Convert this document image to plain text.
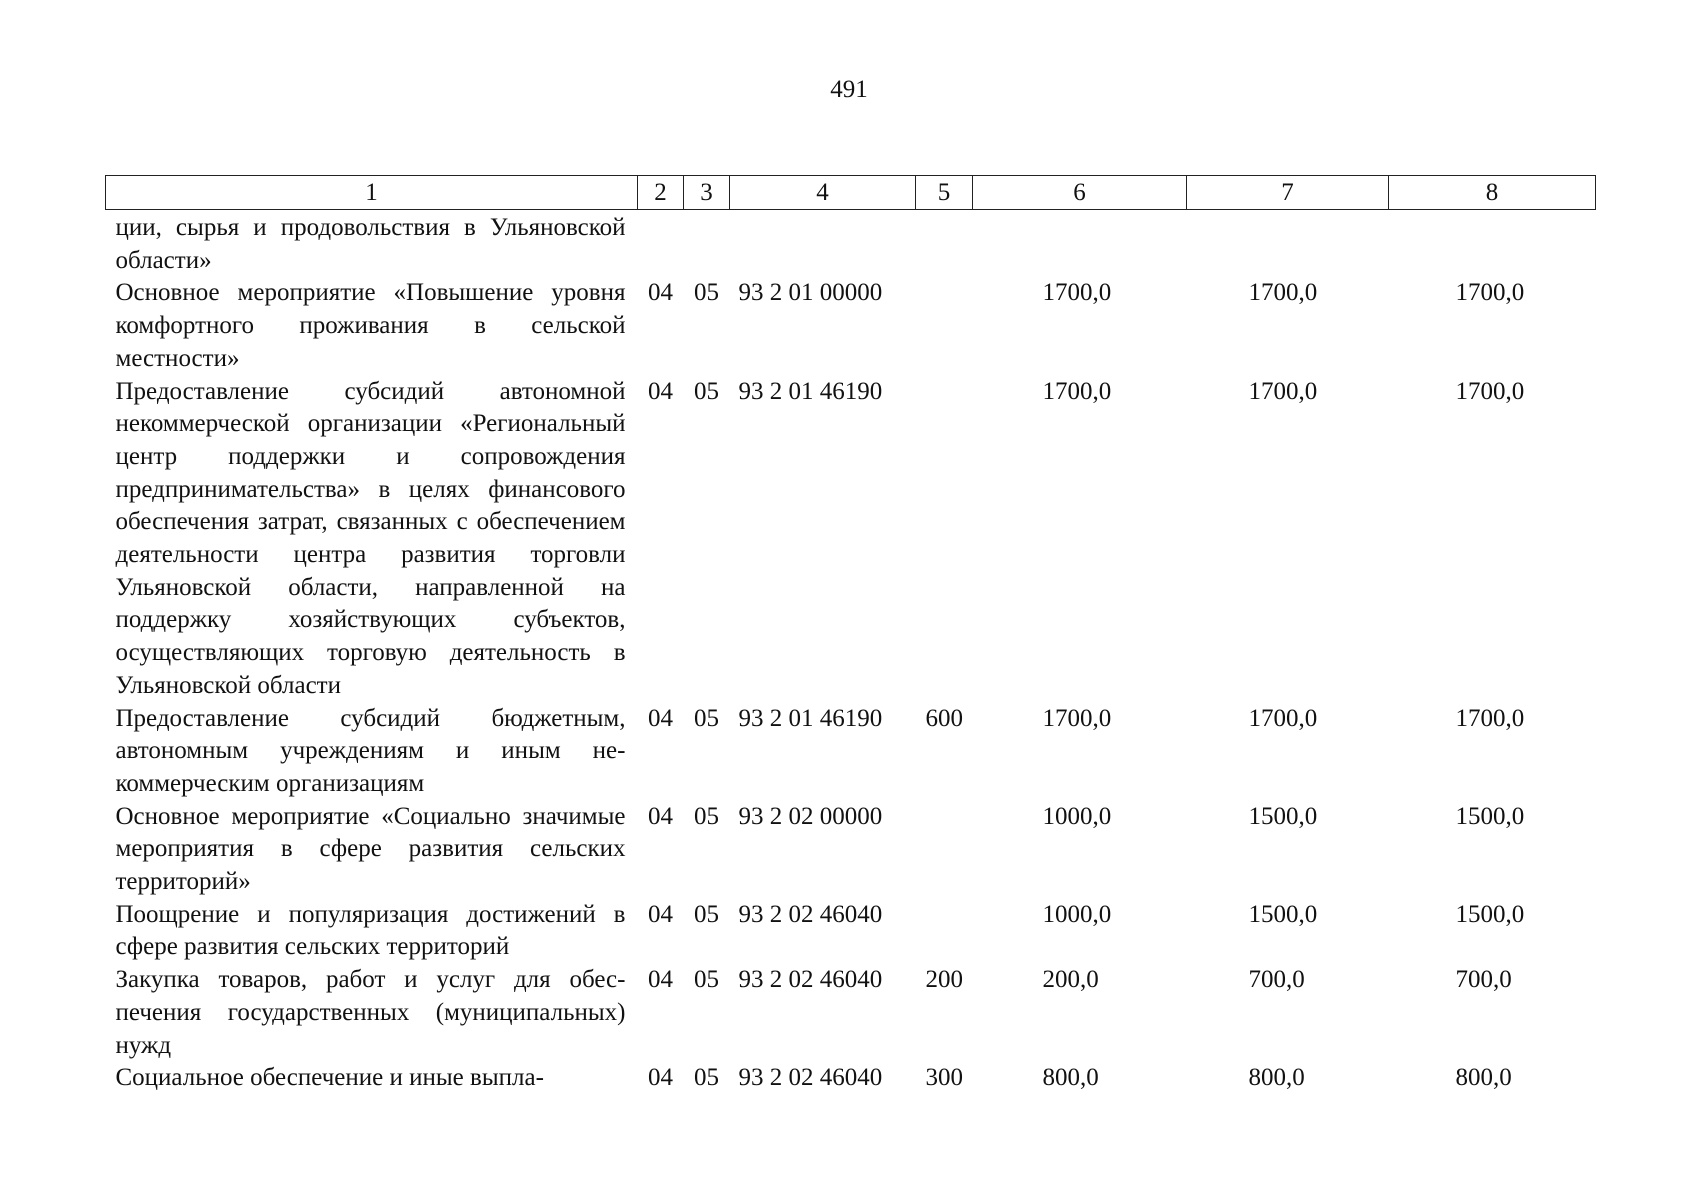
491
1	2	3	4	5	6	7	8
ции, сырья и продовольствия в Ульяновской области»							
Основное мероприятие «Повышение уровня комфортного проживания в сельской местности»	04	05	93 2 01 00000		1700,0	1700,0	1700,0
Предоставление субсидий автономной некоммерческой организации «Региональный центр поддержки и сопровождения предпринимательства» в целях финансового обеспечения затрат, связанных с обеспечением деятельности центра развития торговли Ульяновской области, направленной на поддержку хозяйствующих субъектов, осуществляющих торговую деятельность в Ульяновской области	04	05	93 2 01 46190		1700,0	1700,0	1700,0
Предоставление субсидий бюджетным, автономным учреждениям и иным некоммерческим организациям	04	05	93 2 01 46190	600	1700,0	1700,0	1700,0
Основное мероприятие «Социально значимые мероприятия в сфере развития сельских территорий»	04	05	93 2 02 00000		1000,0	1500,0	1500,0
Поощрение и популяризация достижений в сфере развития сельских территорий	04	05	93 2 02 46040		1000,0	1500,0	1500,0
Закупка товаров, работ и услуг для обеспечения государственных (муниципальных) нужд	04	05	93 2 02 46040	200	200,0	700,0	700,0
Социальное обеспечение и иные выпла-	04	05	93 2 02 46040	300	800,0	800,0	800,0
